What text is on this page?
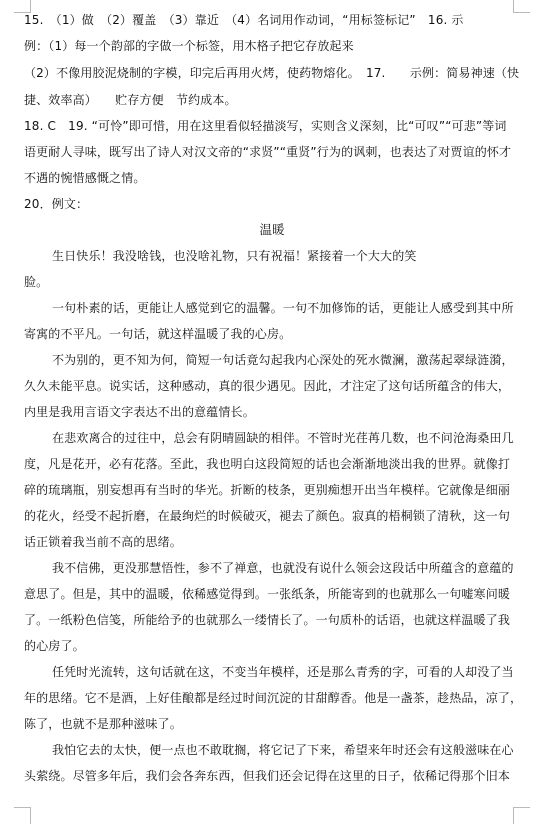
15.　（1）做　（2）覆盖　（3）靠近　（4）名词用作动词，“用标签标记”　16. 示
例：（1）每一个韵部的字做一个标签，用木格子把它存放起来
（2）不像用胶泥烧制的字模，印完后再用火烤，使药物熔化。　17.　　示例：简易神速（快
捷、效率高）　　贮存方便　节约成本。
18. C　19. “可怜”即可惜，用在这里看似轻描淡写，实则含义深刻，比“可叹”“可悲”等词
语更耐人寻味，既写出了诗人对汉文帝的“求贤”“重贤”行为的讽刺，也表达了对贾谊的怀才
不遇的惋惜感慨之情。
20．例文：
温暖
生日快乐！我没啥钱，也没啥礼物，只有祝福！紧接着一个大大的笑
脸。
一句朴素的话，更能让人感觉到它的温馨。一句不加修饰的话，更能让人感受到其中所
寄寓的不平凡。一句话，就这样温暖了我的心房。
不为别的，更不知为何，简短一句话竟勾起我内心深处的死水微澜，激荡起翠绿涟漪，
久久未能平息。说实话，这种感动，真的很少遇见。因此，才注定了这句话所蕴含的伟大，
内里是我用言语文字表达不出的意蕴情长。
在悲欢离合的过往中，总会有阴晴圆缺的相伴。不管时光荏苒几数，也不问沧海桑田几
度，凡是花开，必有花落。至此，我也明白这段简短的话也会渐渐地淡出我的世界。就像打
碎的琉璃瓶，别妄想再有当时的华光。折断的枝条，更别痴想开出当年模样。它就像是细丽
的花火，经受不起折磨，在最绚烂的时候破灭，褪去了颜色。寂真的梧桐锁了清秋，这一句
话正锁着我当前不高的思绪。
我不信佛，更没那慧悟性，参不了禅意，也就没有说什么领会这段话中所蕴含的意蕴的
意思了。但是，其中的温暖，依稀感觉得到。一张纸条，所能寄到的也就那么一句嘘寒问暖
了。一纸粉色信笺，所能给予的也就那么一缕情长了。一句质朴的话语，也就这样温暖了我
的心房了。
任凭时光流转，这句话就在这，不变当年模样，还是那么青秀的字，可看的人却没了当
年的思绪。它不是酒，上好佳酿都是经过时间沉淀的甘甜醇香。他是一盏茶，趁热品，凉了，
陈了，也就不是那种滋味了。
我怕它去的太快，便一点也不敢耽搁，将它记了下来，希望来年时还会有这般滋味在心
头萦绕。尽管多年后，我们会各奔东西，但我们还会记得在这里的日子，依稀记得那个旧本
